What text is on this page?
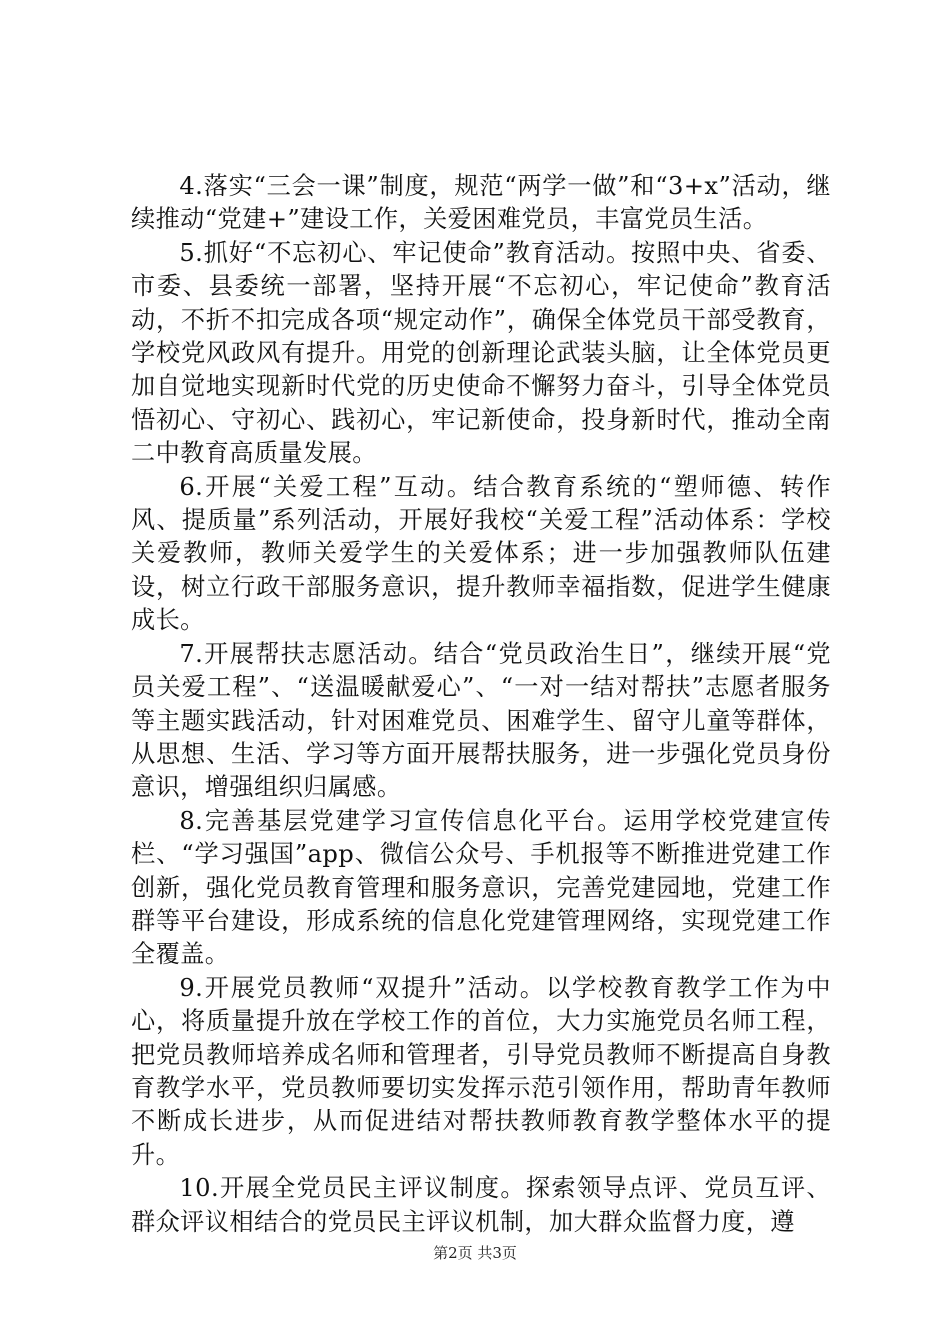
4.落实“三会一课”制度，规范“两学一做”和“3+x”活动，继续推动“党建+”建设工作，关爱困难党员，丰富党员生活。

5.抓好“不忘初心、牢记使命”教育活动。按照中央、省委、市委、县委统一部署，坚持开展“不忘初心，牢记使命”教育活动，不折不扣完成各项“规定动作”，确保全体党员干部受教育，学校党风政风有提升。用党的创新理论武装头脑，让全体党员更加自觉地实现新时代党的历史使命不懈努力奋斗，引导全体党员悟初心、守初心、践初心，牢记新使命，投身新时代，推动全南二中教育高质量发展。

6.开展“关爱工程”互动。结合教育系统的“塑师德、转作风、提质量”系列活动，开展好我校“关爱工程”活动体系：学校关爱教师，教师关爱学生的关爱体系；进一步加强教师队伍建设，树立行政干部服务意识，提升教师幸福指数，促进学生健康成长。

7.开展帮扶志愿活动。结合“党员政治生日”，继续开展“党员关爱工程”、“送温暖献爱心”、“一对一结对帮扶”志愿者服务等主题实践活动，针对困难党员、困难学生、留守儿童等群体，从思想、生活、学习等方面开展帮扶服务，进一步强化党员身份意识，增强组织归属感。

8.完善基层党建学习宣传信息化平台。运用学校党建宣传栏、“学习强国”app、微信公众号、手机报等不断推进党建工作创新，强化党员教育管理和服务意识，完善党建园地，党建工作群等平台建设，形成系统的信息化党建管理网络，实现党建工作全覆盖。

9.开展党员教师“双提升”活动。以学校教育教学工作为中心，将质量提升放在学校工作的首位，大力实施党员名师工程，把党员教师培养成名师和管理者，引导党员教师不断提高自身教育教学水平，党员教师要切实发挥示范引领作用，帮助青年教师不断成长进步，从而促进结对帮扶教师教育教学整体水平的提升。

10.开展全党员民主评议制度。探索领导点评、党员互评、群众评议相结合的党员民主评议机制，加大群众监督力度，遵

第2页 共3页
